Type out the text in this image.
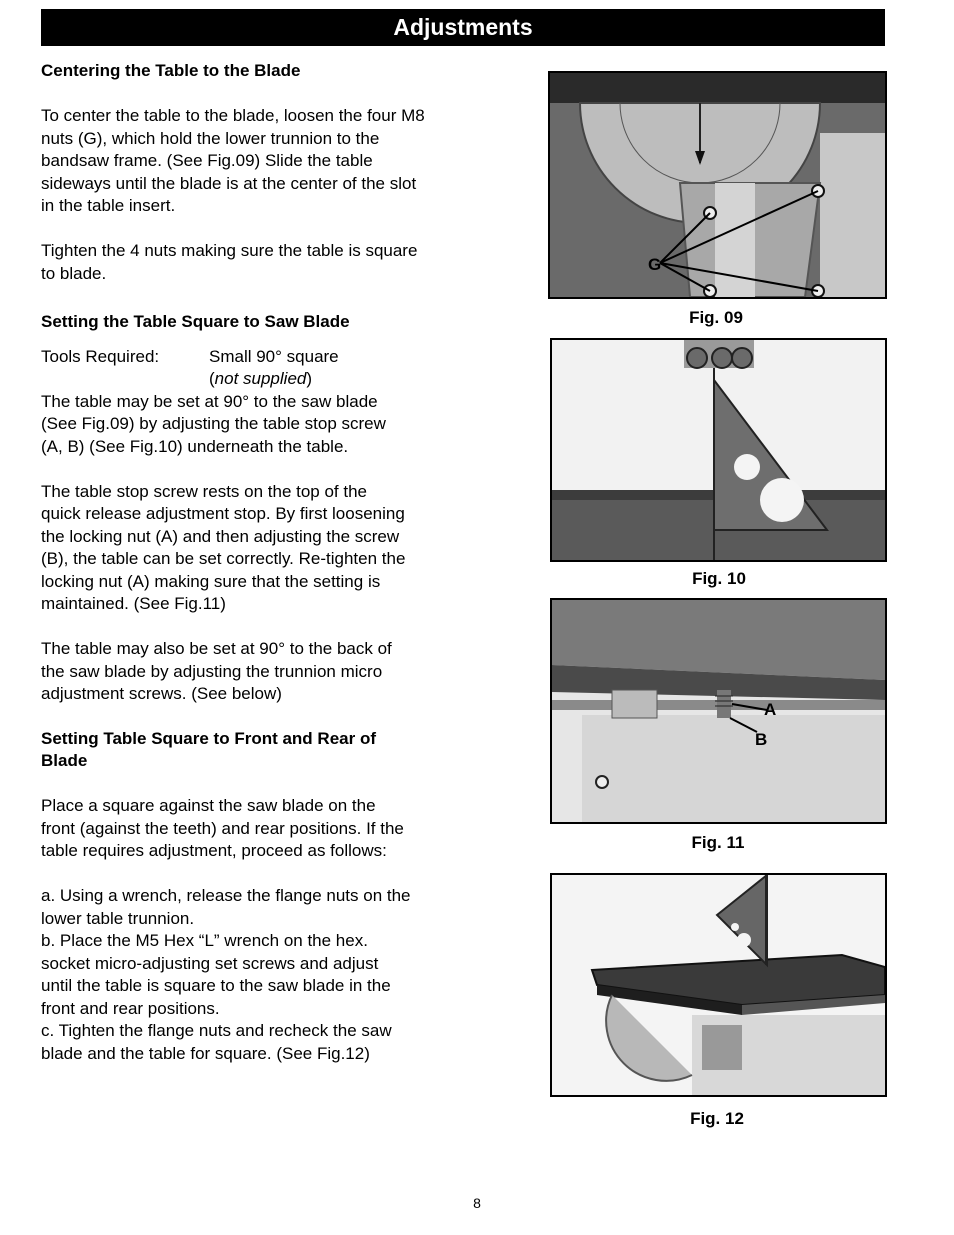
Adjustments

Centering the Table to the Blade

To center the table to the blade, loosen the four M8

nuts (G), which hold the lower trunnion to the

bandsaw frame. (See Fig.09) Slide the table

sideways until the blade is at the center of the slot

in the table insert.

Tighten the 4 nuts making sure the table is square

to blade.

Setting the Table Square to Saw Blade

Tools Required:	Small 90° square
(not supplied)

The table may be set at 90° to the saw blade

(See Fig.09) by adjusting the table stop screw

(A, B) (See Fig.10) underneath the table.

The table stop screw rests on the top of the

quick release adjustment stop. By first loosening

the locking nut (A) and then adjusting the screw

(B), the table can be set correctly. Re-tighten the

locking nut (A) making sure that the setting is

maintained. (See Fig.11)

The table may also be set at 90° to the back of

the saw blade by adjusting the trunnion micro

adjustment screws. (See below)

Setting Table Square to Front and Rear of

Blade

Place a square against the saw blade on the

front (against the teeth) and rear positions. If the

table requires adjustment, proceed as follows:

a. Using a wrench, release the flange nuts on the

lower table trunnion.

b. Place the M5 Hex “L” wrench on the hex.

socket micro-adjusting set screws and adjust

until the table is square to the saw blade in the

front and rear positions.

c. Tighten the flange nuts and recheck the saw

blade and the table for square. (See Fig.12)

G
Fig. 09
Fig. 10
A
B
Fig. 11
Fig. 12
8
